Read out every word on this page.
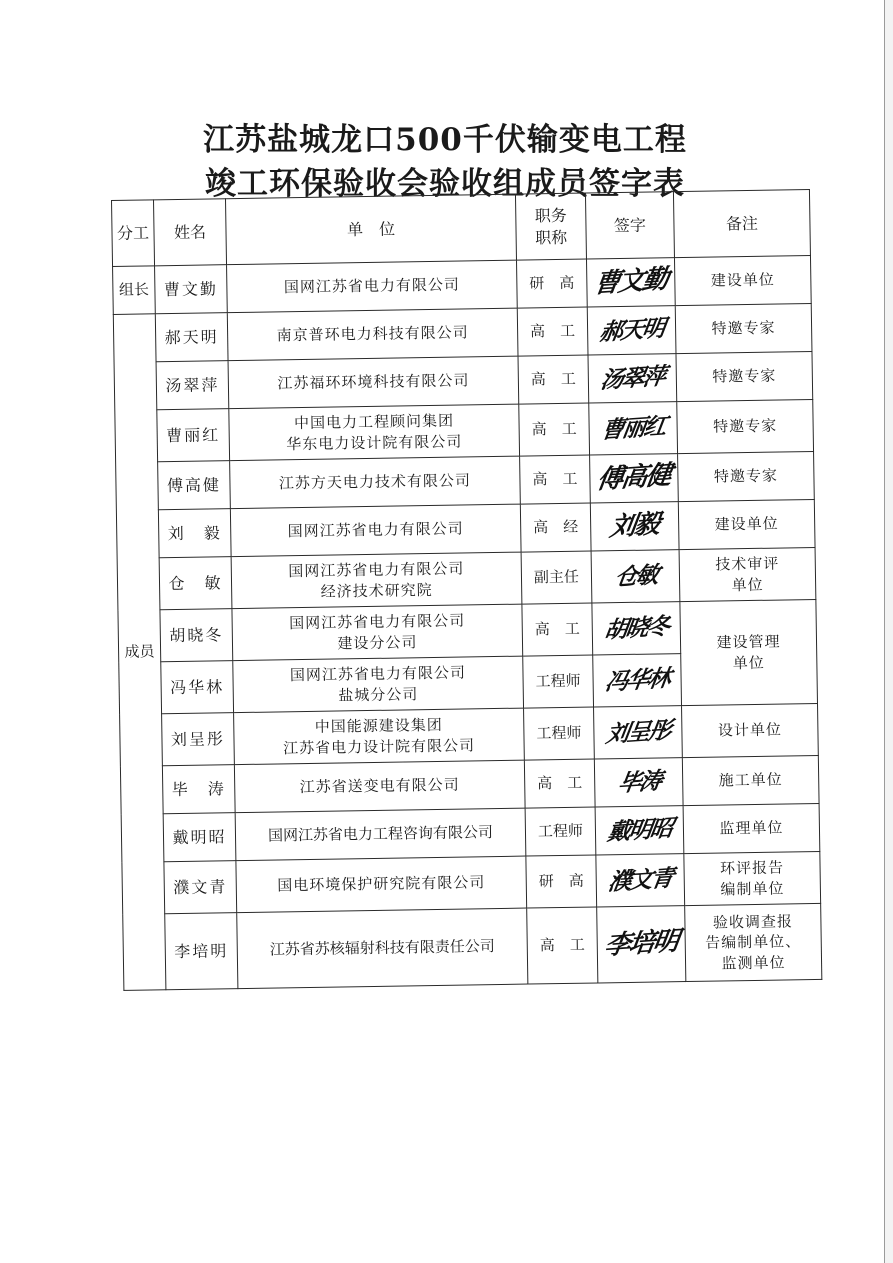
江苏盐城龙口500千伏输变电工程
竣工环保验收会验收组成员签字表
分工	姓名	单　位	职务
职称	签字	备注
组长	曹文勤	国网江苏省电力有限公司	研　高	曹文勤	建设单位

成员	郝天明	南京普环电力科技有限公司	高　工	郝天明	特邀专家

	汤翠萍	江苏福环环境科技有限公司	高　工	汤翠萍	特邀专家

	曹丽红	中国电力工程顾问集团
华东电力设计院有限公司	高　工	曹丽红	特邀专家

	傅高健	江苏方天电力技术有限公司	高　工	傅高健	特邀专家

	刘　毅	国网江苏省电力有限公司	高　经	刘毅	建设单位

	仓　敏	国网江苏省电力有限公司
经济技术研究院	副主任	仓敏	技术审评
单位

	胡晓冬	国网江苏省电力有限公司
建设分公司	高　工	胡晓冬	建设管理
单位

	冯华林	国网江苏省电力有限公司
盐城分公司	工程师	冯华林	
	刘呈彤	中国能源建设集团
江苏省电力设计院有限公司	工程师	刘呈彤	设计单位

	毕　涛	江苏省送变电有限公司	高　工	毕涛	施工单位

	戴明昭	国网江苏省电力工程咨询有限公司	工程师	戴明昭	监理单位

	濮文青	国电环境保护研究院有限公司	研　高	濮文青	环评报告
编制单位

	李培明	江苏省苏核辐射科技有限责任公司	高　工	李培明	验收调查报
告编制单位、
监测单位
